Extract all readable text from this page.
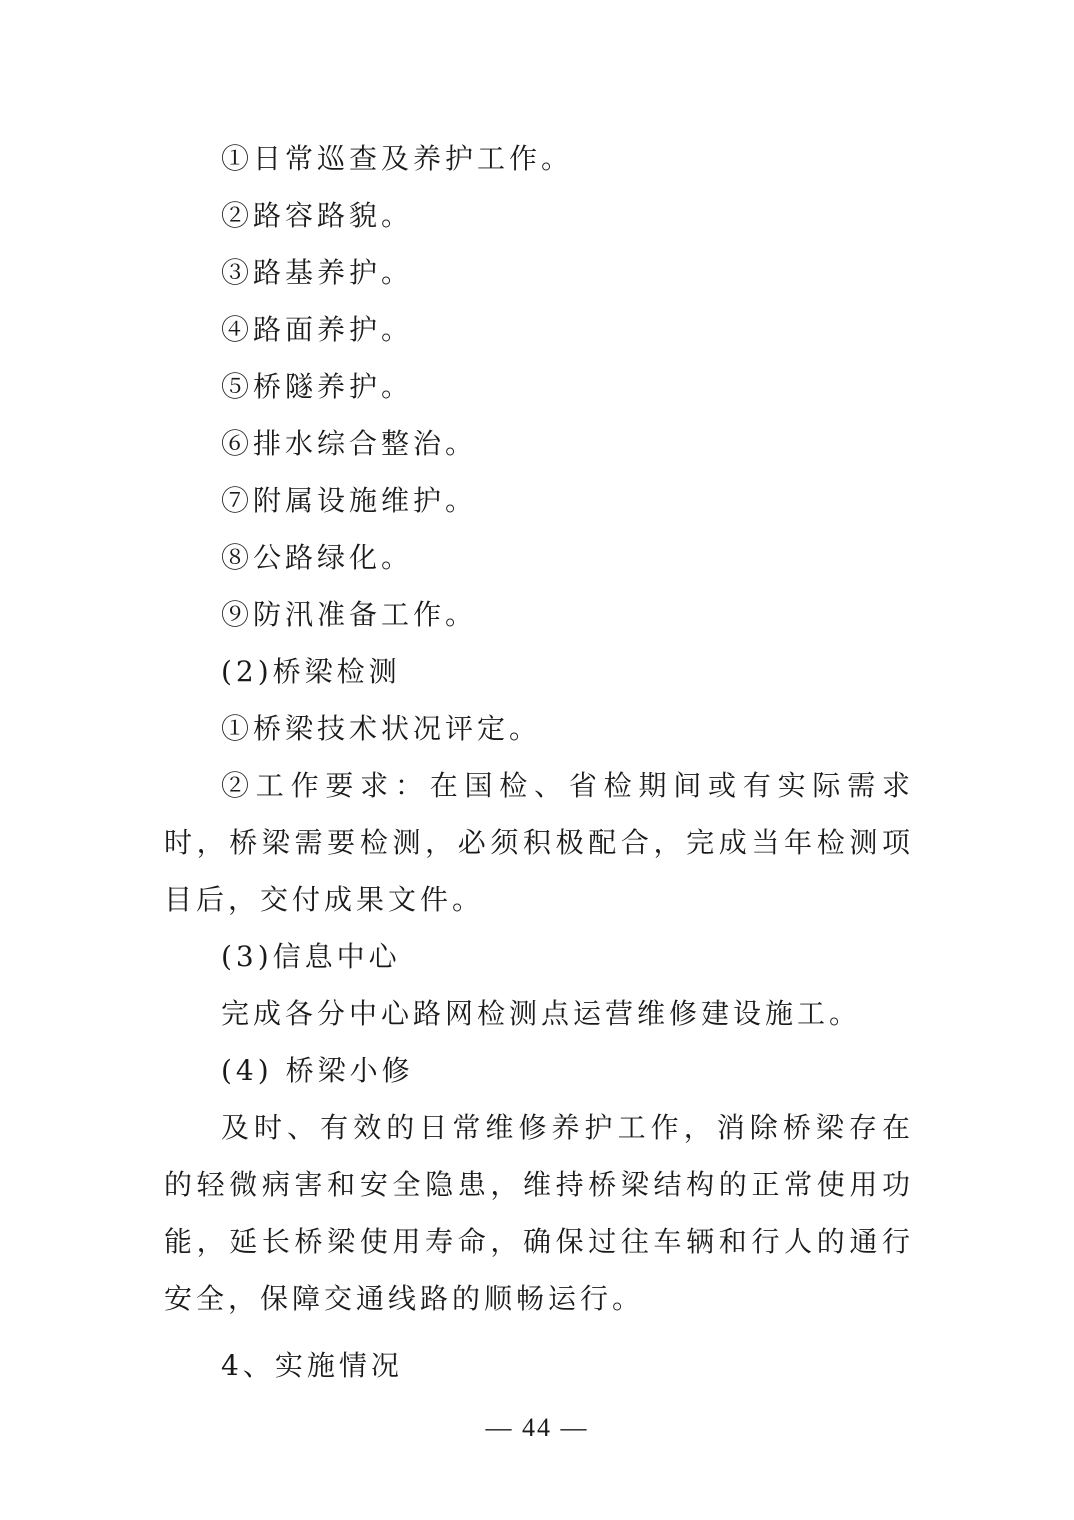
①日常巡查及养护工作。

②路容路貌。

③路基养护。

④路面养护。

⑤桥隧养护。

⑥排水综合整治。

⑦附属设施维护。

⑧公路绿化。

⑨防汛准备工作。

(2)桥梁检测

①桥梁技术状况评定。

②工作要求：在国检、省检期间或有实际需求时，桥梁需要检测，必须积极配合，完成当年检测项目后，交付成果文件。

(3)信息中心

完成各分中心路网检测点运营维修建设施工。

(4) 桥梁小修

及时、有效的日常维修养护工作，消除桥梁存在的轻微病害和安全隐患，维持桥梁结构的正常使用功能，延长桥梁使用寿命，确保过往车辆和行人的通行安全，保障交通线路的顺畅运行。

4、实施情况

— 44 —
